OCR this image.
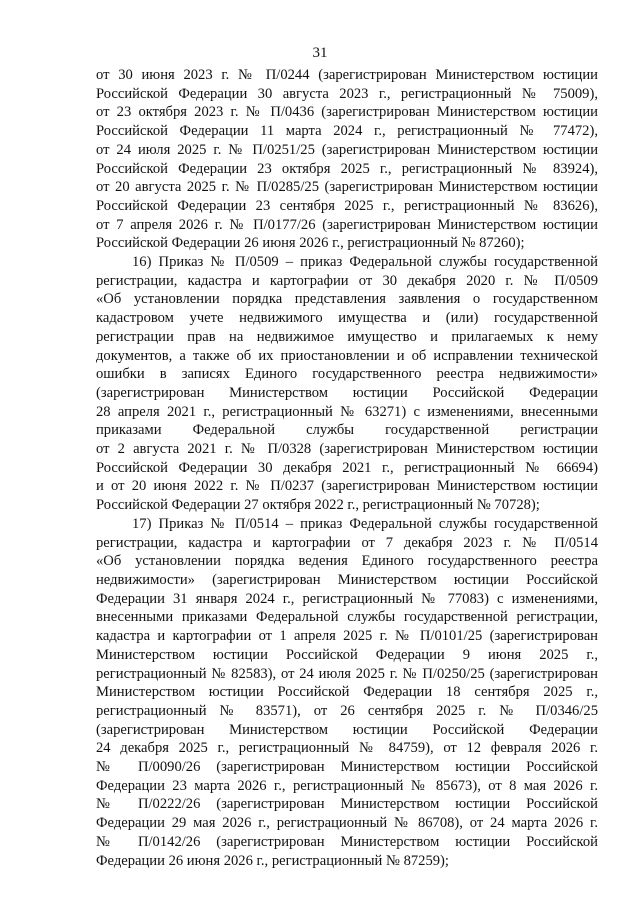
31
от 30 июня 2023 г. № П/0244 (зарегистрирован Министерством юстиции
Российской Федерации 30 августа 2023 г., регистрационный № 75009),
от 23 октября 2023 г. № П/0436 (зарегистрирован Министерством юстиции
Российской Федерации 11 марта 2024 г., регистрационный № 77472),
от 24 июля 2025 г. № П/0251/25 (зарегистрирован Министерством юстиции
Российской Федерации 23 октября 2025 г., регистрационный № 83924),
от 20 августа 2025 г. № П/0285/25 (зарегистрирован Министерством юстиции
Российской Федерации 23 сентября 2025 г., регистрационный № 83626),
от 7 апреля 2026 г. № П/0177/26 (зарегистрирован Министерством юстиции
Российской Федерации 26 июня 2026 г., регистрационный № 87260);
16) Приказ № П/0509 – приказ Федеральной службы государственной
регистрации, кадастра и картографии от 30 декабря 2020 г. № П/0509
«Об установлении порядка представления заявления о государственном
кадастровом учете недвижимого имущества и (или) государственной
регистрации прав на недвижимое имущество и прилагаемых к нему
документов, а также об их приостановлении и об исправлении технической
ошибки в записях Единого государственного реестра недвижимости»
(зарегистрирован Министерством юстиции Российской Федерации
28 апреля 2021 г., регистрационный № 63271) с изменениями, внесенными
приказами Федеральной службы государственной регистрации
от 2 августа 2021 г. № П/0328 (зарегистрирован Министерством юстиции
Российской Федерации 30 декабря 2021 г., регистрационный № 66694)
и от 20 июня 2022 г. № П/0237 (зарегистрирован Министерством юстиции
Российской Федерации 27 октября 2022 г., регистрационный № 70728);
17) Приказ № П/0514 – приказ Федеральной службы государственной
регистрации, кадастра и картографии от 7 декабря 2023 г. № П/0514
«Об установлении порядка ведения Единого государственного реестра
недвижимости» (зарегистрирован Министерством юстиции Российской
Федерации 31 января 2024 г., регистрационный № 77083) с изменениями,
внесенными приказами Федеральной службы государственной регистрации,
кадастра и картографии от 1 апреля 2025 г. № П/0101/25 (зарегистрирован
Министерством юстиции Российской Федерации 9 июня 2025 г.,
регистрационный № 82583), от 24 июля 2025 г. № П/0250/25 (зарегистрирован
Министерством юстиции Российской Федерации 18 сентября 2025 г.,
регистрационный № 83571), от 26 сентября 2025 г. № П/0346/25
(зарегистрирован Министерством юстиции Российской Федерации
24 декабря 2025 г., регистрационный № 84759), от 12 февраля 2026 г.
№ П/0090/26 (зарегистрирован Министерством юстиции Российской
Федерации 23 марта 2026 г., регистрационный № 85673), от 8 мая 2026 г.
№ П/0222/26 (зарегистрирован Министерством юстиции Российской
Федерации 29 мая 2026 г., регистрационный № 86708), от 24 марта 2026 г.
№ П/0142/26 (зарегистрирован Министерством юстиции Российской
Федерации 26 июня 2026 г., регистрационный № 87259);
